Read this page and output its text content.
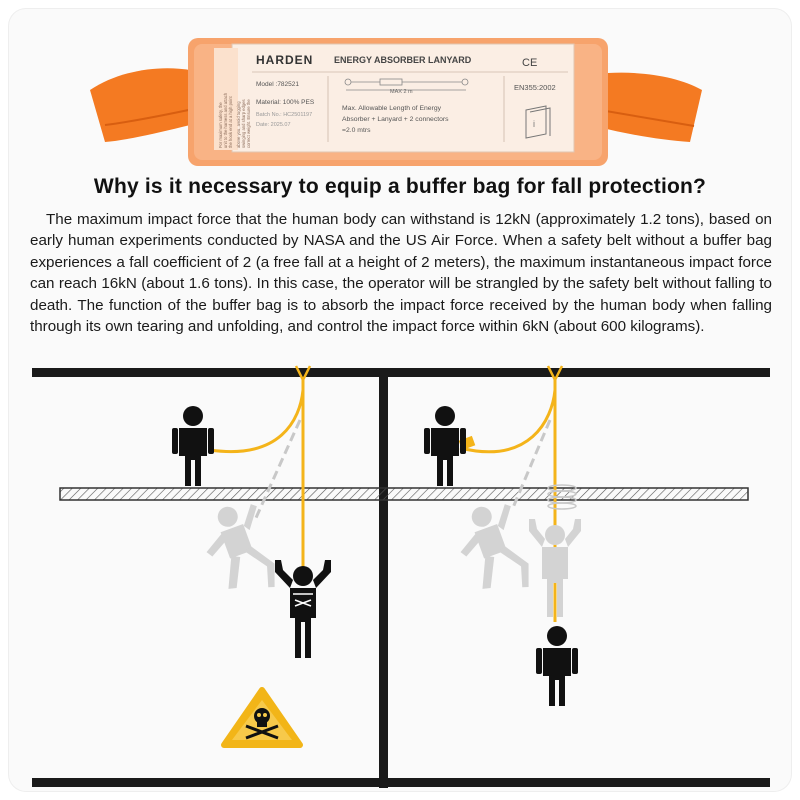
For maximum safety, the unit to the harness and attach the hook end at a high point above you, avoid tugging swinging and sharp edges correct weight. Ensure the
HARDEN ENERGY ABSORBER LANYARD	CE
Model :782521
Material: 100% PES
Batch No.: HC2501197
Date: 2025.07
MAX 2 m
Max. Allowable Length of Energy
Absorber + Lanyard + 2 connectors
=2.0 mtrs
EN355:2002
i
Why is it necessary to equip a buffer bag for fall protection?
The maximum impact force that the human body can withstand is 12kN (approximately 1.2 tons), based on early human experiments conducted by NASA and the US Air Force. When a safety belt without a buffer bag experiences a fall coefficient of 2 (a free fall at a height of 2 meters), the maximum instantaneous impact force can reach 16kN (about 1.6 tons). In this case, the operator will be strangled by the safety belt without falling to death. The function of the buffer bag is to absorb the impact force received by the human body when falling through its own tearing and unfolding, and control the impact force within 6kN (about 600 kilograms).
